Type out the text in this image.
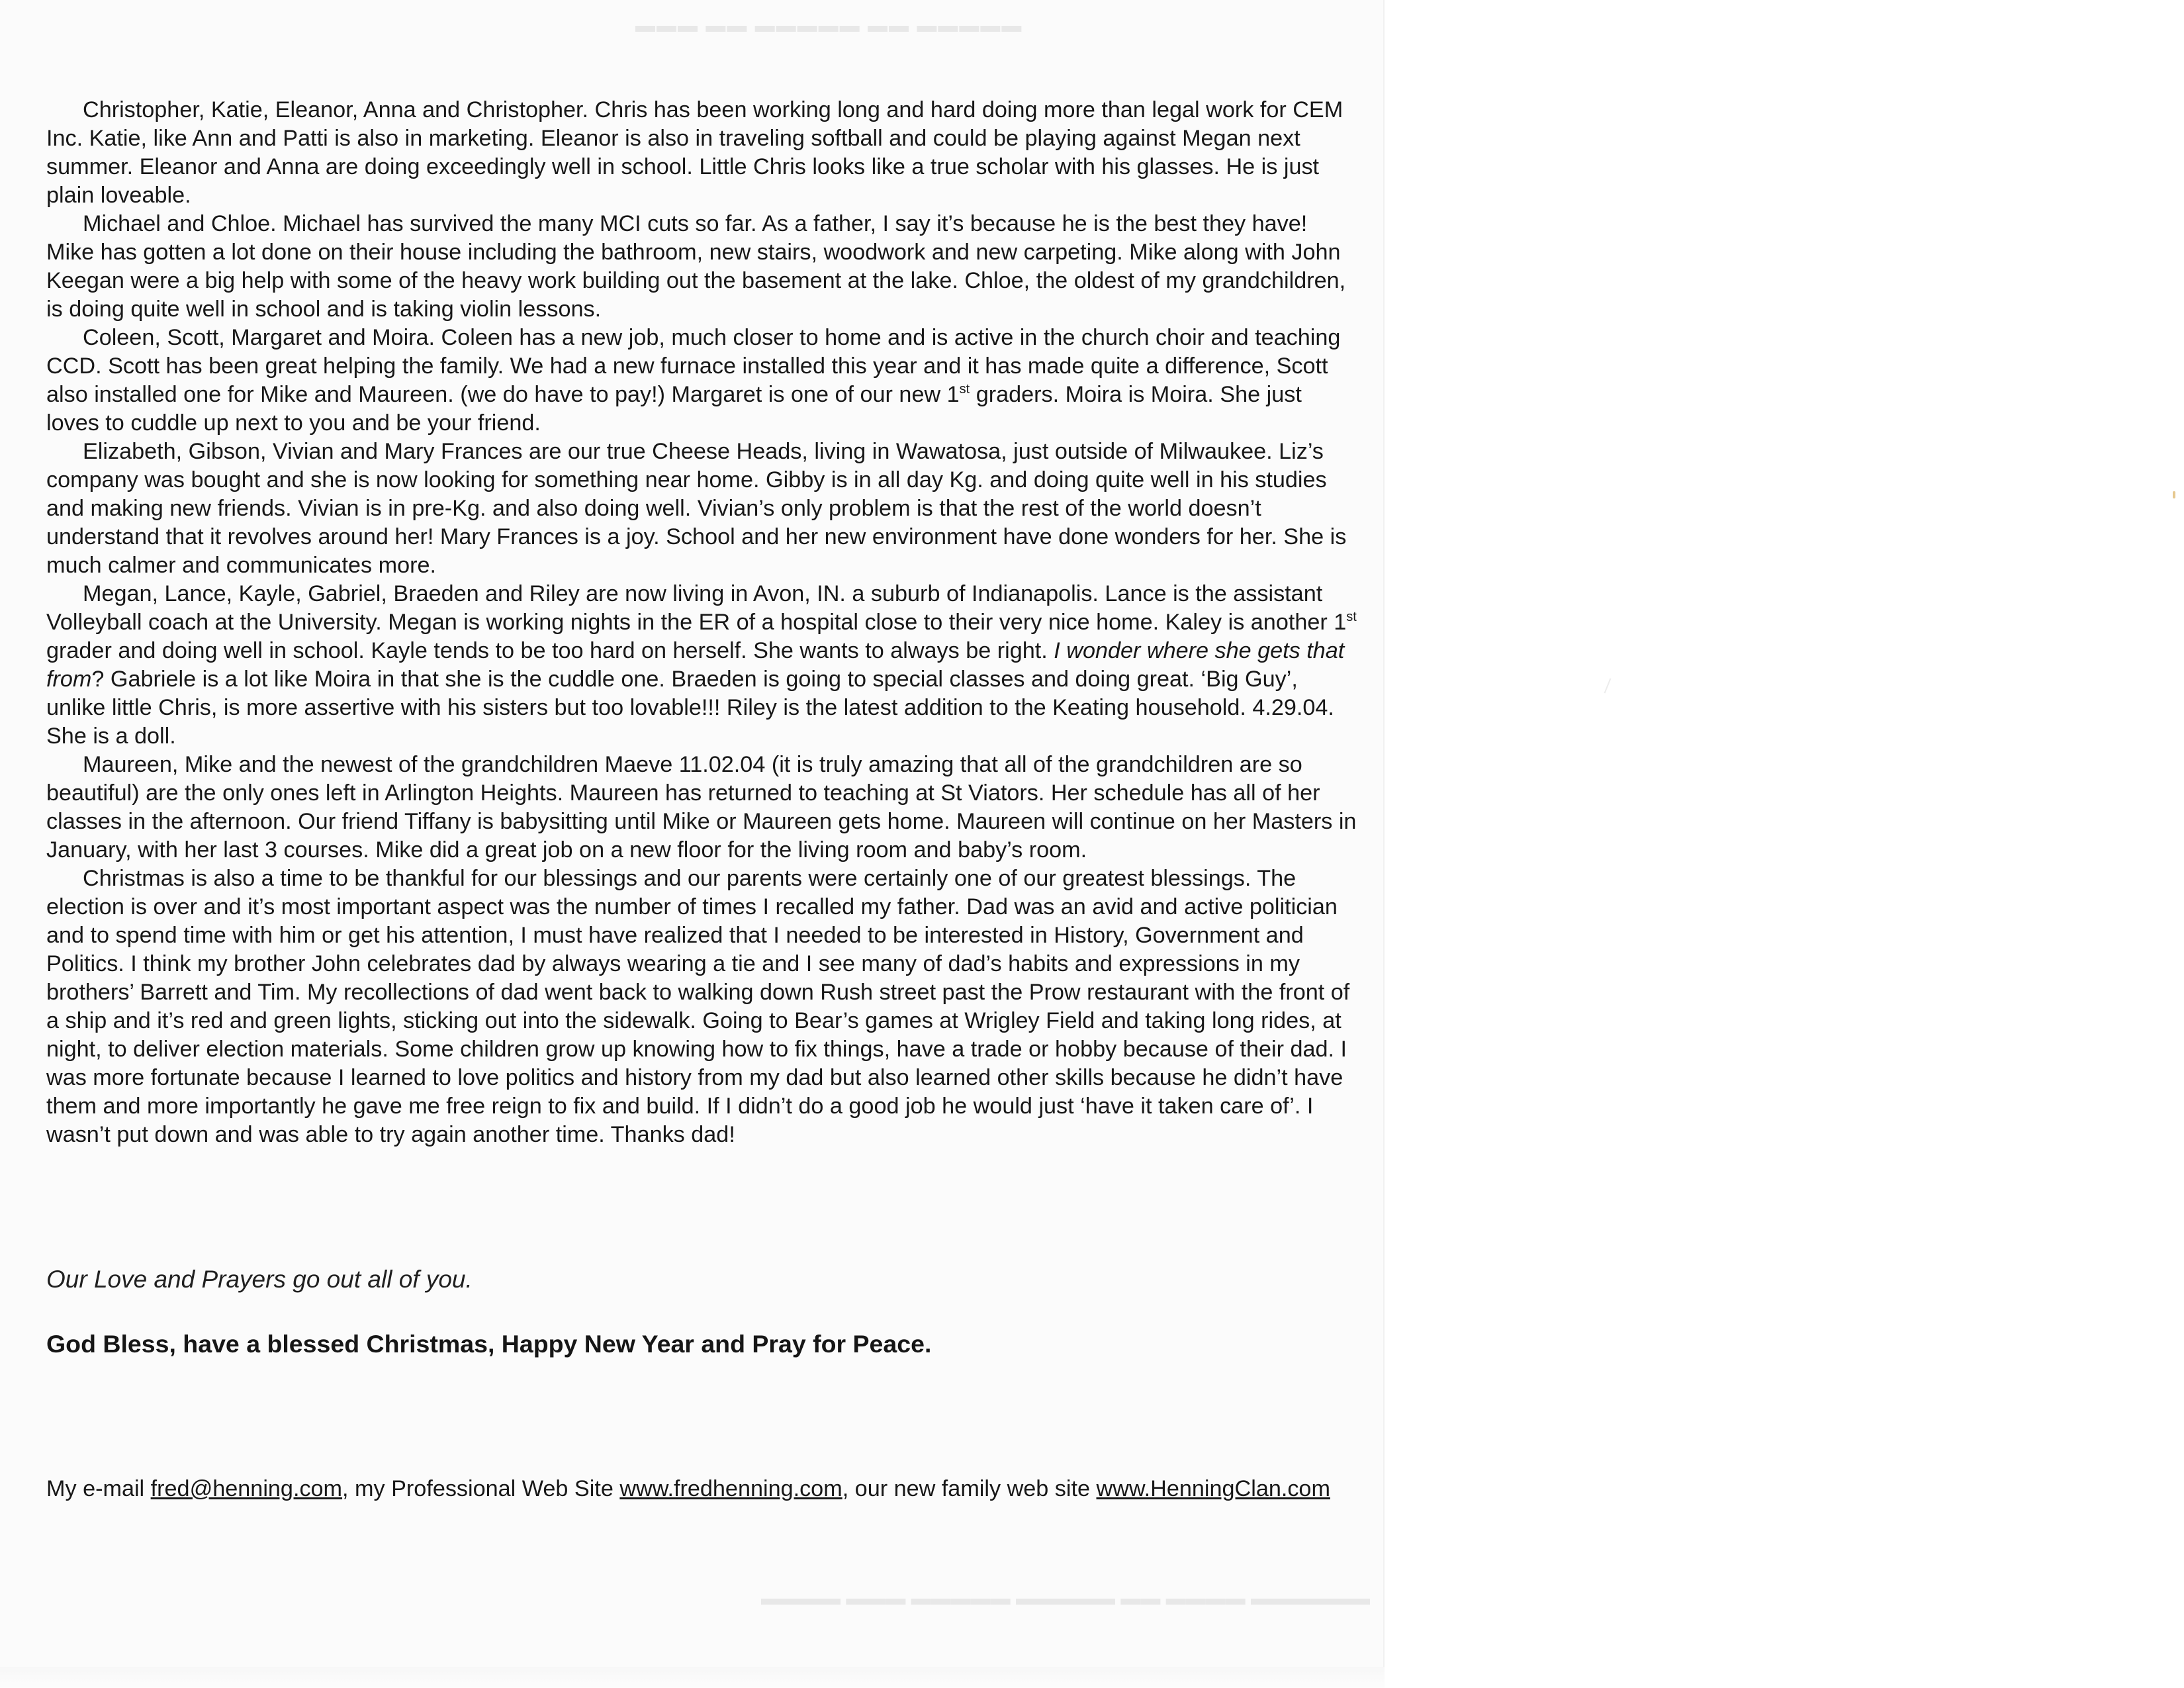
▬▬▬ ▬▬ ▬▬▬▬▬ ▬▬ ▬▬▬▬▬
▬▬▬▬ ▬▬▬ ▬▬▬▬▬ ▬▬▬▬▬ ▬▬ ▬▬▬▬ ▬▬▬▬▬▬

Christopher, Katie, Eleanor, Anna and Christopher. Chris has been working long and hard doing more than legal work for CEM Inc. Katie, like Ann and Patti is also in marketing. Eleanor is also in traveling softball and could be playing against Megan next summer. Eleanor and Anna are doing exceedingly well in school. Little Chris looks like a true scholar with his glasses. He is just plain loveable.

Michael and Chloe. Michael has survived the many MCI cuts so far. As a father, I say it’s because he is the best they have! Mike has gotten a lot done on their house including the bathroom, new stairs, woodwork and new carpeting. Mike along with John Keegan were a big help with some of the heavy work building out the basement at the lake. Chloe, the oldest of my grandchildren, is doing quite well in school and is taking violin lessons.

Coleen, Scott, Margaret and Moira. Coleen has a new job, much closer to home and is active in the church choir and teaching CCD. Scott has been great helping the family. We had a new furnace installed this year and it has made quite a difference, Scott also installed one for Mike and Maureen. (we do have to pay!) Margaret is one of our new 1st graders. Moira is Moira. She just loves to cuddle up next to you and be your friend.

Elizabeth, Gibson, Vivian and Mary Frances are our true Cheese Heads, living in Wawatosa, just outside of Milwaukee. Liz’s company was bought and she is now looking for something near home. Gibby is in all day Kg. and doing quite well in his studies and making new friends. Vivian is in pre-Kg. and also doing well. Vivian’s only problem is that the rest of the world doesn’t understand that it revolves around her! Mary Frances is a joy. School and her new environment have done wonders for her. She is much calmer and communicates more.

Megan, Lance, Kayle, Gabriel, Braeden and Riley are now living in Avon, IN. a suburb of Indianapolis. Lance is the assistant Volleyball coach at the University. Megan is working nights in the ER of a hospital close to their very nice home. Kaley is another 1st grader and doing well in school. Kayle tends to be too hard on herself. She wants to always be right. I wonder where she gets that from? Gabriele is a lot like Moira in that she is the cuddle one. Braeden is going to special classes and doing great. ‘Big Guy’, unlike little Chris, is more assertive with his sisters but too lovable!!! Riley is the latest addition to the Keating household. 4.29.04. She is a doll.

Maureen, Mike and the newest of the grandchildren Maeve 11.02.04 (it is truly amazing that all of the grandchildren are so beautiful) are the only ones left in Arlington Heights. Maureen has returned to teaching at St Viators. Her schedule has all of her classes in the afternoon. Our friend Tiffany is babysitting until Mike or Maureen gets home. Maureen will continue on her Masters in January, with her last 3 courses. Mike did a great job on a new floor for the living room and baby’s room.

Christmas is also a time to be thankful for our blessings and our parents were certainly one of our greatest blessings. The election is over and it’s most important aspect was the number of times I recalled my father. Dad was an avid and active politician and to spend time with him or get his attention, I must have realized that I needed to be interested in History, Government and Politics. I think my brother John celebrates dad by always wearing a tie and I see many of dad’s habits and expressions in my brothers’ Barrett and Tim. My recollections of dad went back to walking down Rush street past the Prow restaurant with the front of a ship and it’s red and green lights, sticking out into the sidewalk. Going to Bear’s games at Wrigley Field and taking long rides, at night, to deliver election materials. Some children grow up knowing how to fix things, have a trade or hobby because of their dad. I was more fortunate because I learned to love politics and history from my dad but also learned other skills because he didn’t have them and more importantly he gave me free reign to fix and build. If I didn’t do a good job he would just ‘have it taken care of’. I wasn’t put down and was able to try again another time. Thanks dad!

Our Love and Prayers go out all of you.
God Bless, have a blessed Christmas, Happy New Year and Pray for Peace.
My e-mail fred@henning.com, my Professional Web Site www.fredhenning.com, our new family web site www.HenningClan.com
